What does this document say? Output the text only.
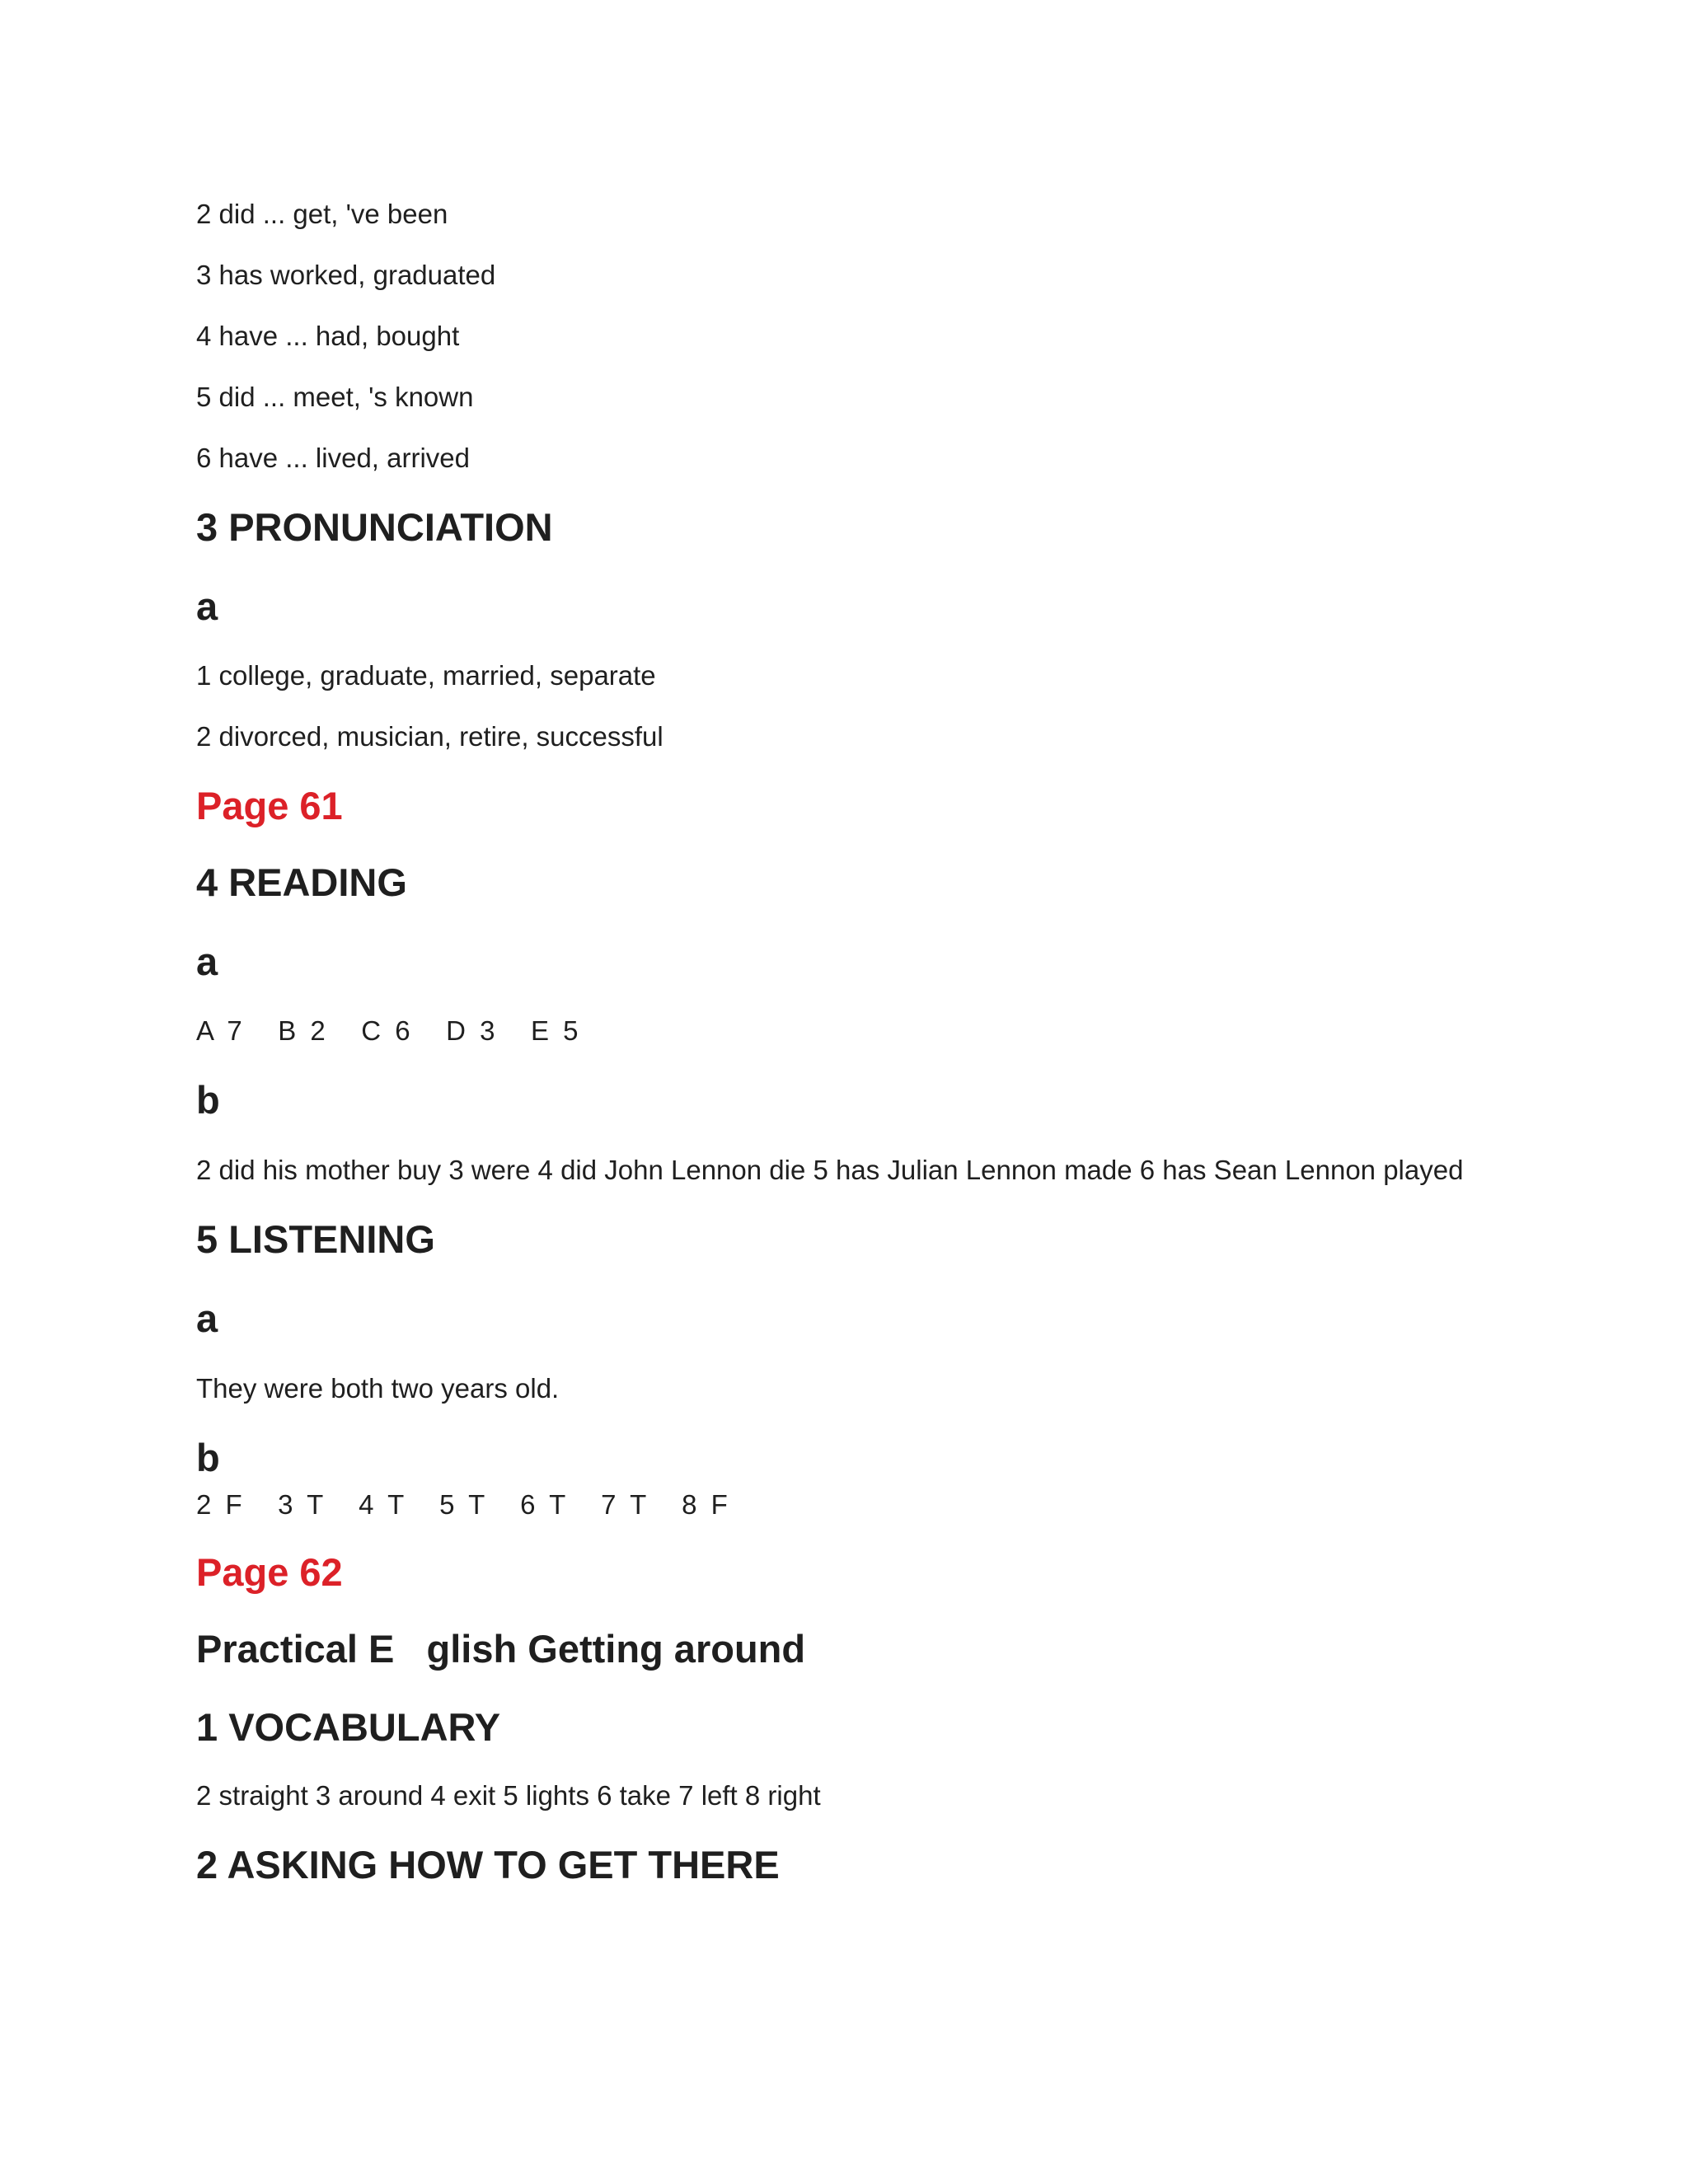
2 did ... get, 've been
3 has worked, graduated
4 have ... had, bought
5 did ... meet, 's known
6 have ... lived, arrived
3 PRONUNCIATION
a
1 college, graduate, married, separate
2 divorced, musician, retire, successful
Page 61
4 READING
a
A 7   B 2   C 6   D 3   E 5
b
2 did his mother buy 3 were 4 did John Lennon die 5 has Julian Lennon made 6 has Sean Lennon played
5 LISTENING
a
They were both two years old.
b
2 F   3 T   4 T   5 T   6 T   7 T   8 F
Page 62
Practical E   glish Getting around
1 VOCABULARY
2 straight 3 around 4 exit 5 lights 6 take 7 left 8 right
2 ASKING HOW TO GET THERE
